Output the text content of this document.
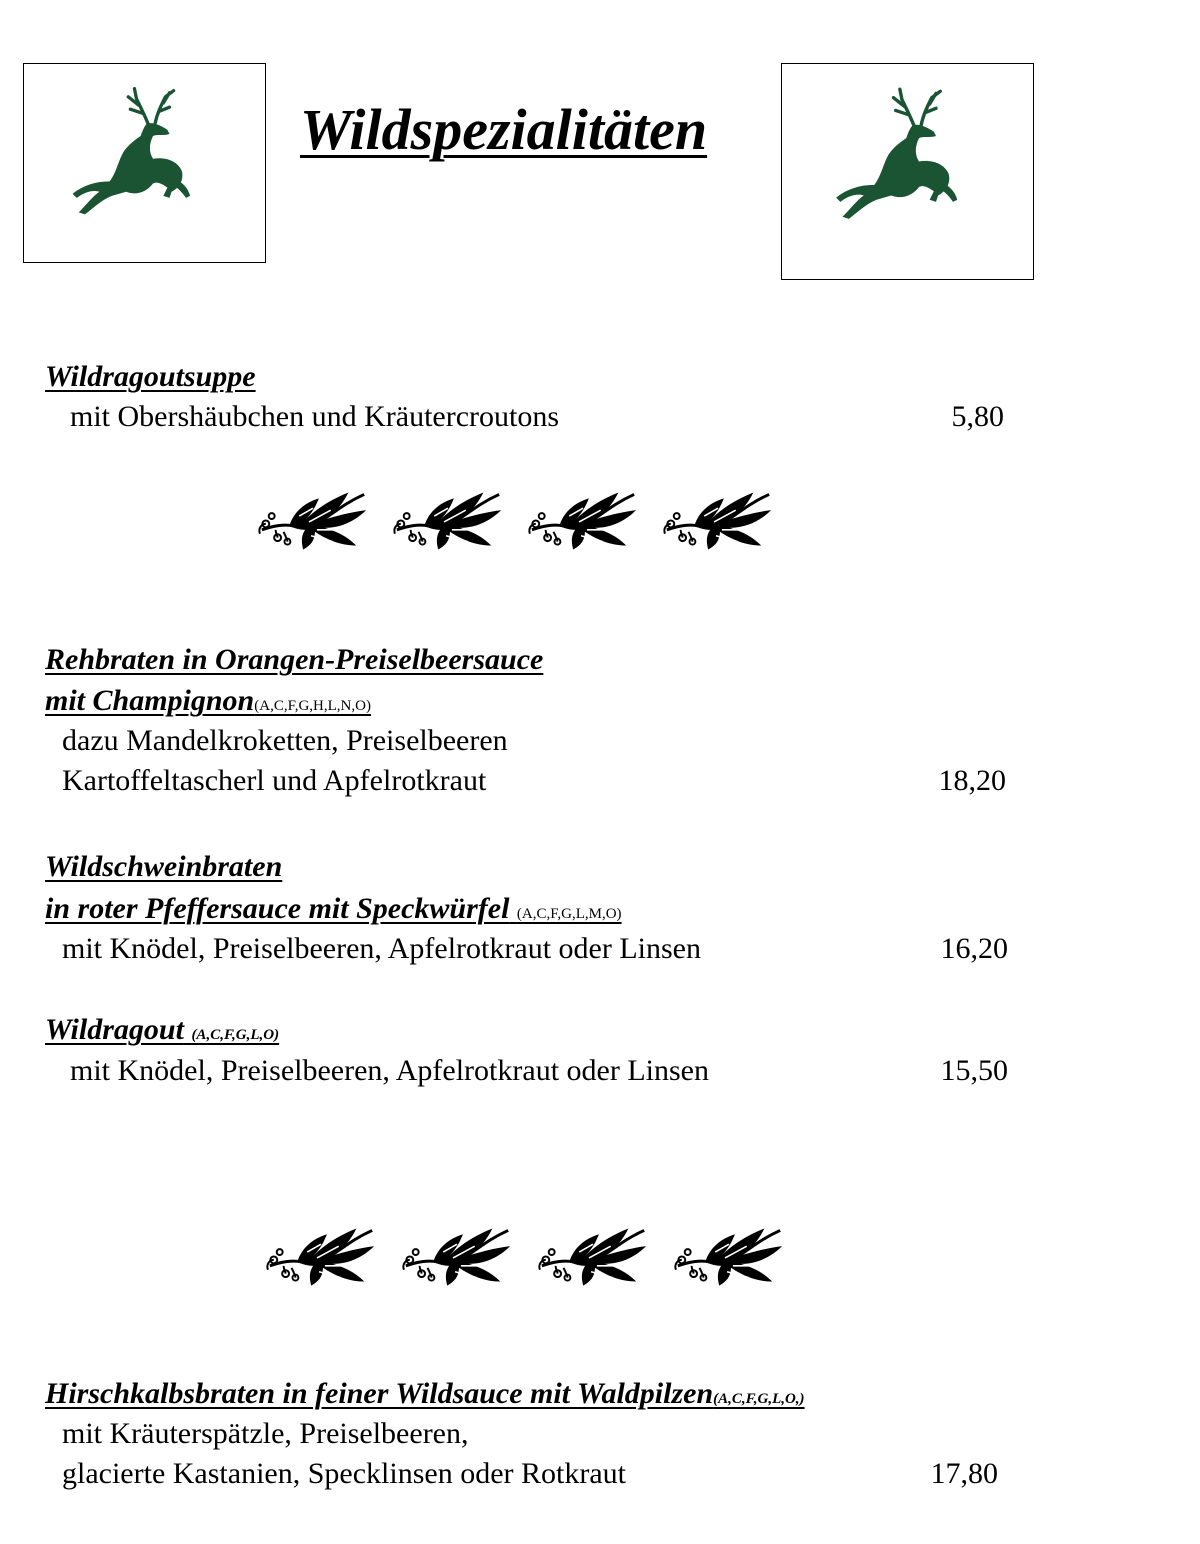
Wildspezialitäten
Wildragoutsuppe
mit Obershäubchen und Kräutercroutons	5,80
Rehbraten in Orangen-Preiselbeersauce
mit Champignon(A,C,F,G,H,L,N,O)
dazu Mandelkroketten, Preiselbeeren
Kartoffeltascherl und Apfelrotkraut	18,20
Wildschweinbraten
in roter Pfeffersauce mit Speckwürfel (A,C,F,G,L,M,O)
mit Knödel, Preiselbeeren, Apfelrotkraut oder Linsen	16,20
Wildragout (A,C,F,G,L,O)
mit Knödel, Preiselbeeren, Apfelrotkraut oder Linsen	15,50
Hirschkalbsbraten in feiner Wildsauce mit Waldpilzen(A,C,F,G,L,O,)
mit Kräuterspätzle, Preiselbeeren,
glacierte Kastanien, Specklinsen oder Rotkraut	17,80
